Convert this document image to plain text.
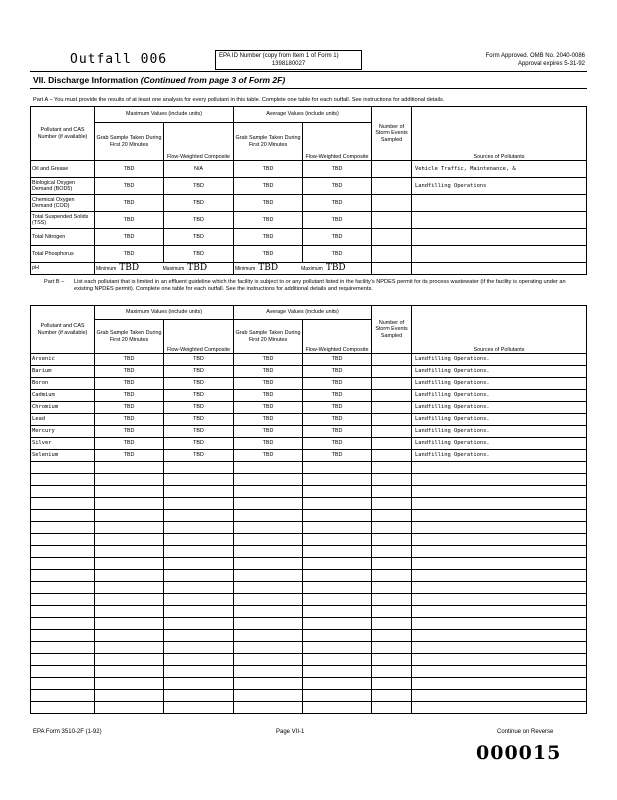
Outfall 006	EPA ID Number (copy from Item 1 of Form 1)
1398180027
Form Approved. OMB No. 2040-0086
Approval expires 5-31-92
VII. Discharge Information (Continued from page 3 of Form 2F)
Part A – You must provide the results of at least one analysis for every pollutant in this table. Complete one table for each outfall. See instructions for additional details.
Pollutant and CAS Number (if available)	Maximum Values (include units)		Average Values (include units)		Number of Storm Events Sampled	Sources of Pollutants
	Grab Sample Taken During First 20 Minutes	Flow-Weighted Composite	Grab Sample Taken During First 20 Minutes	Flow-Weighted Composite		
Oil and Grease	TBD	N/A	TBD	TBD		Vehicle Traffic, Maintenance, &
Biological Oxygen Demand (BOD5)	TBD	TBD	TBD	TBD		Landfilling Operations
Chemical Oxygen Demand (COD)	TBD	TBD	TBD	TBD		
Total Suspended Solids (TSS)	TBD	TBD	TBD	TBD		
Total Nitrogen	TBD	TBD	TBD	TBD		
Total Phosphorus	TBD	TBD	TBD	TBD		
pH	Minimum TBD Maximum TBD		Minimum TBD Maximum TBD			
Part B – List each pollutant that is limited in an effluent guideline which the facility is subject to or any pollutant listed in the facility's NPDES permit for its process wastewater (if the facility is operating under an existing NPDES permit). Complete one table for each outfall. See the instructions for additional details and requirements.
Pollutant and CAS Number (if available)	Maximum Values (include units)		Average Values (include units)		Number of Storm Events Sampled	Sources of Pollutants
	Grab Sample Taken During First 20 Minutes	Flow-Weighted Composite	Grab Sample Taken During First 20 Minutes	Flow-Weighted Composite		
Arsenic	TBD	TBD	TBD	TBD		Landfilling Operations.
Barium	TBD	TBD	TBD	TBD		Landfilling Operations.
Boron	TBD	TBD	TBD	TBD		Landfilling Operations.
Cadmium	TBD	TBD	TBD	TBD		Landfilling Operations.
Chromium	TBD	TBD	TBD	TBD		Landfilling Operations.
Lead	TBD	TBD	TBD	TBD		Landfilling Operations.
Mercury	TBD	TBD	TBD	TBD		Landfilling Operations.
Silver	TBD	TBD	TBD	TBD		Landfilling Operations.
Selenium	TBD	TBD	TBD	TBD		Landfilling Operations.

EPA Form 3510-2F (1-92)	Page VII-1	Continue on Reverse
000015
